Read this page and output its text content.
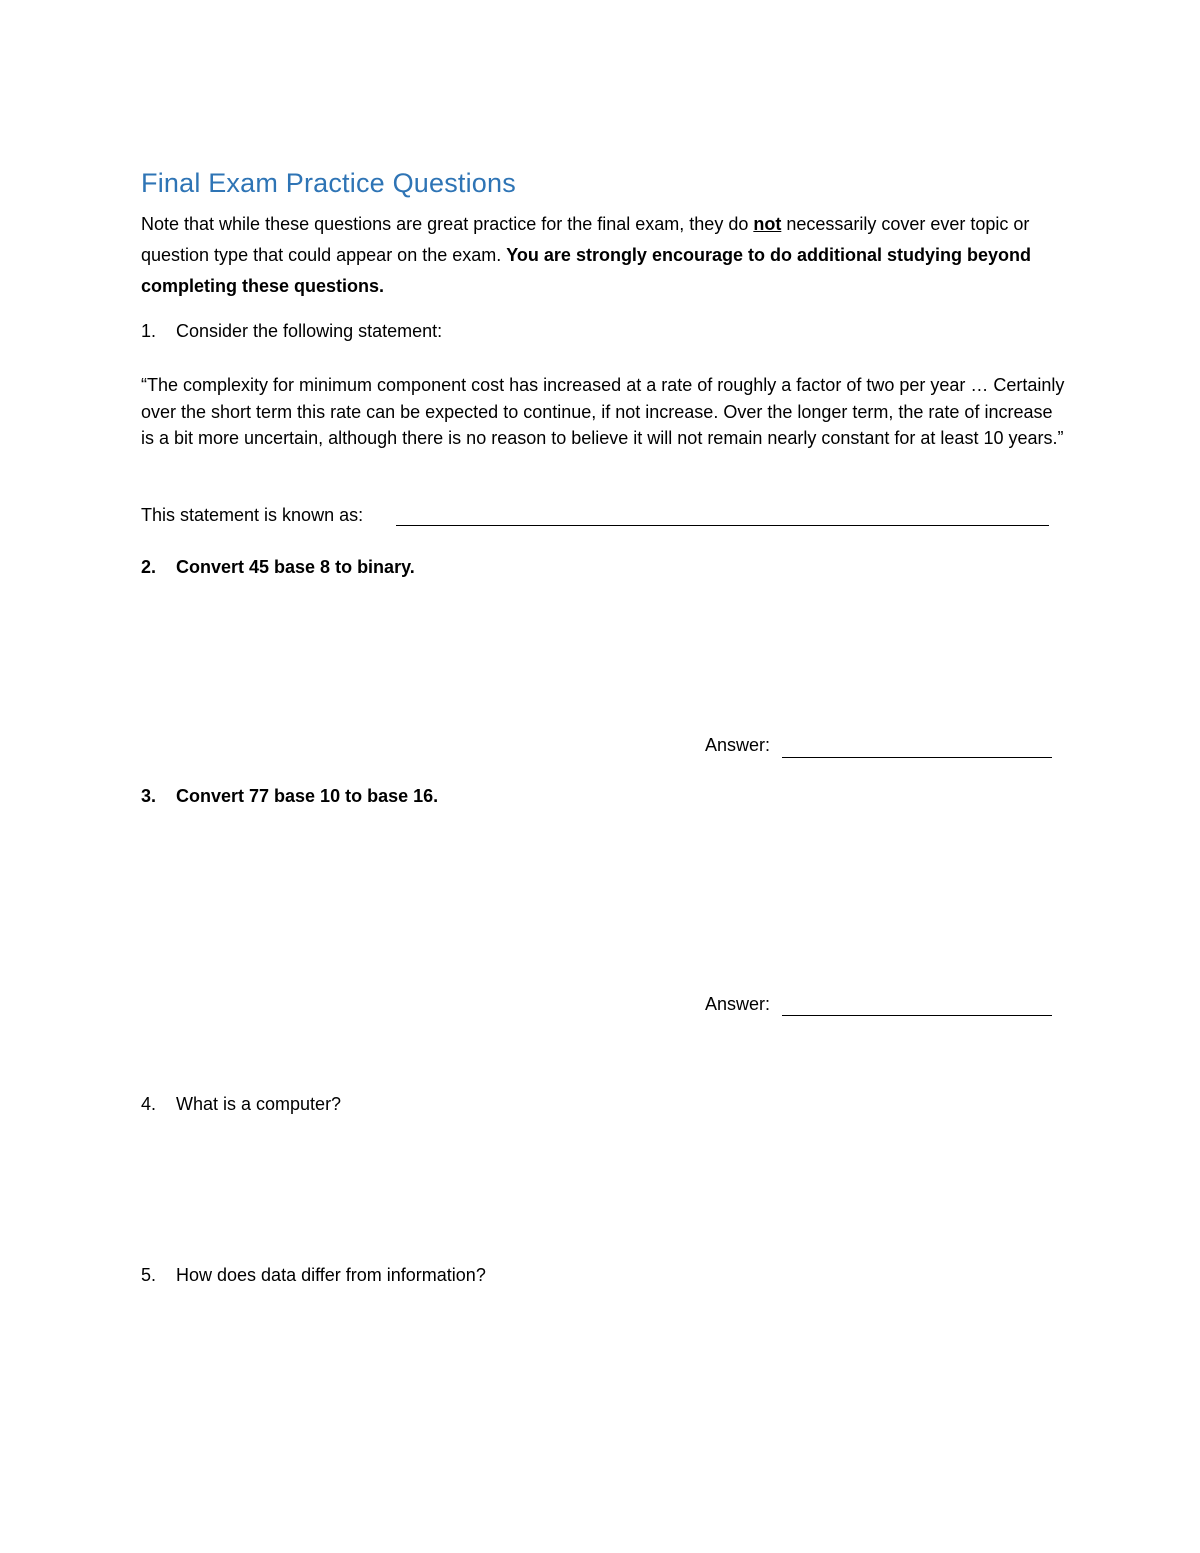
Final Exam Practice Questions
Note that while these questions are great practice for the final exam, they do not necessarily cover ever topic or question type that could appear on the exam. You are strongly encourage to do additional studying beyond completing these questions.
1. Consider the following statement:
“The complexity for minimum component cost has increased at a rate of roughly a factor of two per year … Certainly over the short term this rate can be expected to continue, if not increase. Over the longer term, the rate of increase is a bit more uncertain, although there is no reason to believe it will not remain nearly constant for at least 10 years.”
This statement is known as:
2. Convert 45 base 8 to binary.
Answer:
3. Convert 77 base 10 to base 16.
Answer:
4. What is a computer?
5. How does data differ from information?
